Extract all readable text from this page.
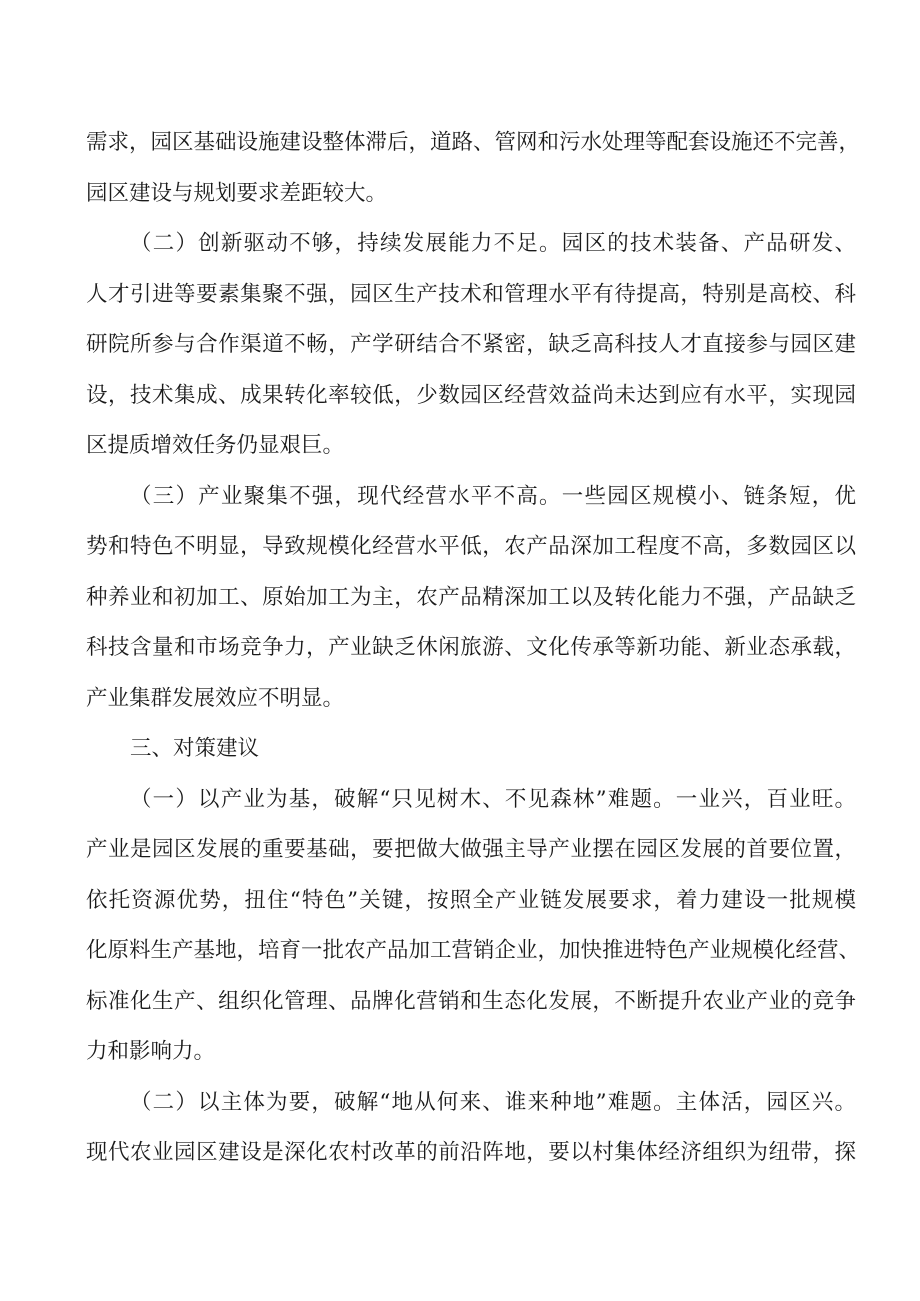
需求，园区基础设施建设整体滞后，道路、管网和污水处理等配套设施还不完善，
园区建设与规划要求差距较大。
（二）创新驱动不够，持续发展能力不足。园区的技术装备、产品研发、
人才引进等要素集聚不强，园区生产技术和管理水平有待提高，特别是高校、科
研院所参与合作渠道不畅，产学研结合不紧密，缺乏高科技人才直接参与园区建
设，技术集成、成果转化率较低，少数园区经营效益尚未达到应有水平，实现园
区提质增效任务仍显艰巨。
（三）产业聚集不强，现代经营水平不高。一些园区规模小、链条短，优
势和特色不明显，导致规模化经营水平低，农产品深加工程度不高，多数园区以
种养业和初加工、原始加工为主，农产品精深加工以及转化能力不强，产品缺乏
科技含量和市场竞争力，产业缺乏休闲旅游、文化传承等新功能、新业态承载，
产业集群发展效应不明显。
三、对策建议
（一）以产业为基，破解“只见树木、不见森林”难题。一业兴，百业旺。
产业是园区发展的重要基础，要把做大做强主导产业摆在园区发展的首要位置，
依托资源优势，扭住“特色”关键，按照全产业链发展要求，着力建设一批规模
化原料生产基地，培育一批农产品加工营销企业，加快推进特色产业规模化经营、
标准化生产、组织化管理、品牌化营销和生态化发展，不断提升农业产业的竞争
力和影响力。
（二）以主体为要，破解“地从何来、谁来种地”难题。主体活，园区兴。
现代农业园区建设是深化农村改革的前沿阵地，要以村集体经济组织为纽带，探
